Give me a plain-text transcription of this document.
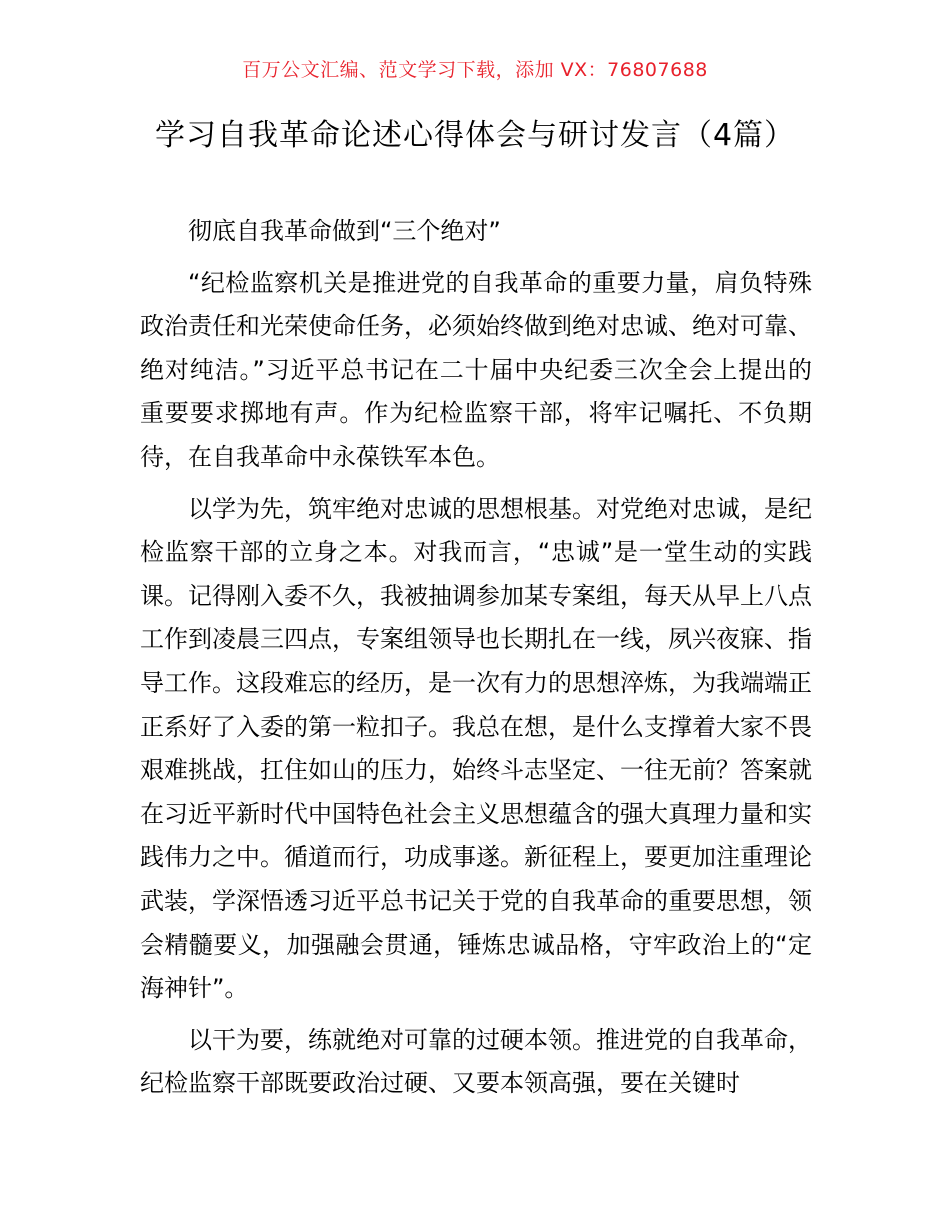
百万公文汇编、范文学习下载，添加 VX：76807688
学习自我革命论述心得体会与研讨发言（4篇）

彻底自我革命做到“三个绝对”

“纪检监察机关是推进党的自我革命的重要力量，肩负特殊政治责任和光荣使命任务，必须始终做到绝对忠诚、绝对可靠、绝对纯洁。”习近平总书记在二十届中央纪委三次全会上提出的重要要求掷地有声。作为纪检监察干部，将牢记嘱托、不负期待，在自我革命中永葆铁军本色。

以学为先，筑牢绝对忠诚的思想根基。对党绝对忠诚，是纪检监察干部的立身之本。对我而言，“忠诚”是一堂生动的实践课。记得刚入委不久，我被抽调参加某专案组，每天从早上八点工作到凌晨三四点，专案组领导也长期扎在一线，夙兴夜寐、指导工作。这段难忘的经历，是一次有力的思想淬炼，为我端端正正系好了入委的第一粒扣子。我总在想，是什么支撑着大家不畏艰难挑战，扛住如山的压力，始终斗志坚定、一往无前？答案就在习近平新时代中国特色社会主义思想蕴含的强大真理力量和实践伟力之中。循道而行，功成事遂。新征程上，要更加注重理论武装，学深悟透习近平总书记关于党的自我革命的重要思想，领会精髓要义，加强融会贯通，锤炼忠诚品格，守牢政治上的“定海神针”。

以干为要，练就绝对可靠的过硬本领。推进党的自我革命，纪检监察干部既要政治过硬、又要本领高强，要在关键时
